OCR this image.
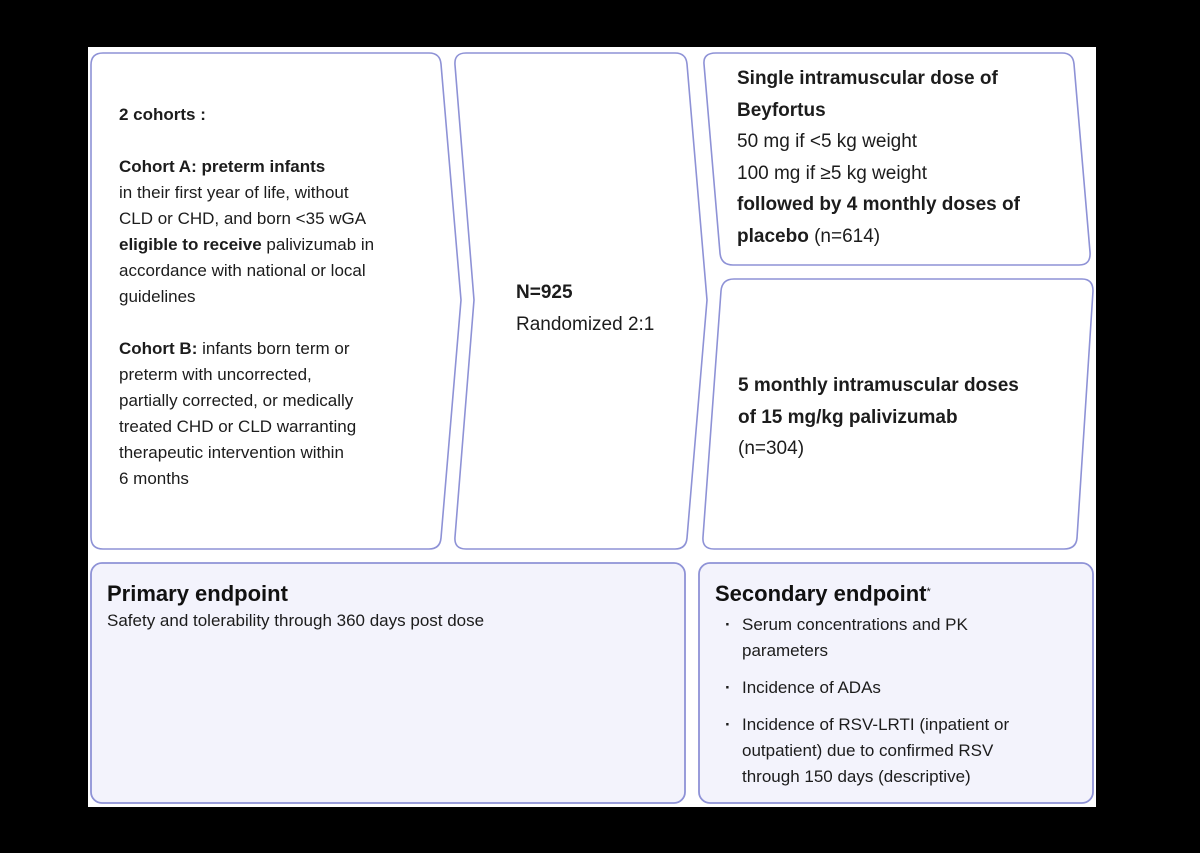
2 cohorts :
Cohort A: preterm infants
in their first year of life, without
CLD or CHD, and born <35 wGA
eligible to receive palivizumab in
accordance with national or local
guidelines
Cohort B: infants born term or
preterm with uncorrected,
partially corrected, or medically
treated CHD or CLD warranting
therapeutic intervention within
6 months
N=925
Randomized 2:1
Single intramuscular dose of
Beyfortus
50 mg if <5 kg weight
100 mg if ≥5 kg weight
followed by 4 monthly doses of
placebo (n=614)
5 monthly intramuscular doses
of 15 mg/kg palivizumab
(n=304)
Primary endpoint
Safety and tolerability through 360 days post dose
Secondary endpoint*
· Serum concentrations and PK
parameters
· Incidence of ADAs
· Incidence of RSV-LRTI (inpatient or
outpatient) due to confirmed RSV
through 150 days (descriptive)
